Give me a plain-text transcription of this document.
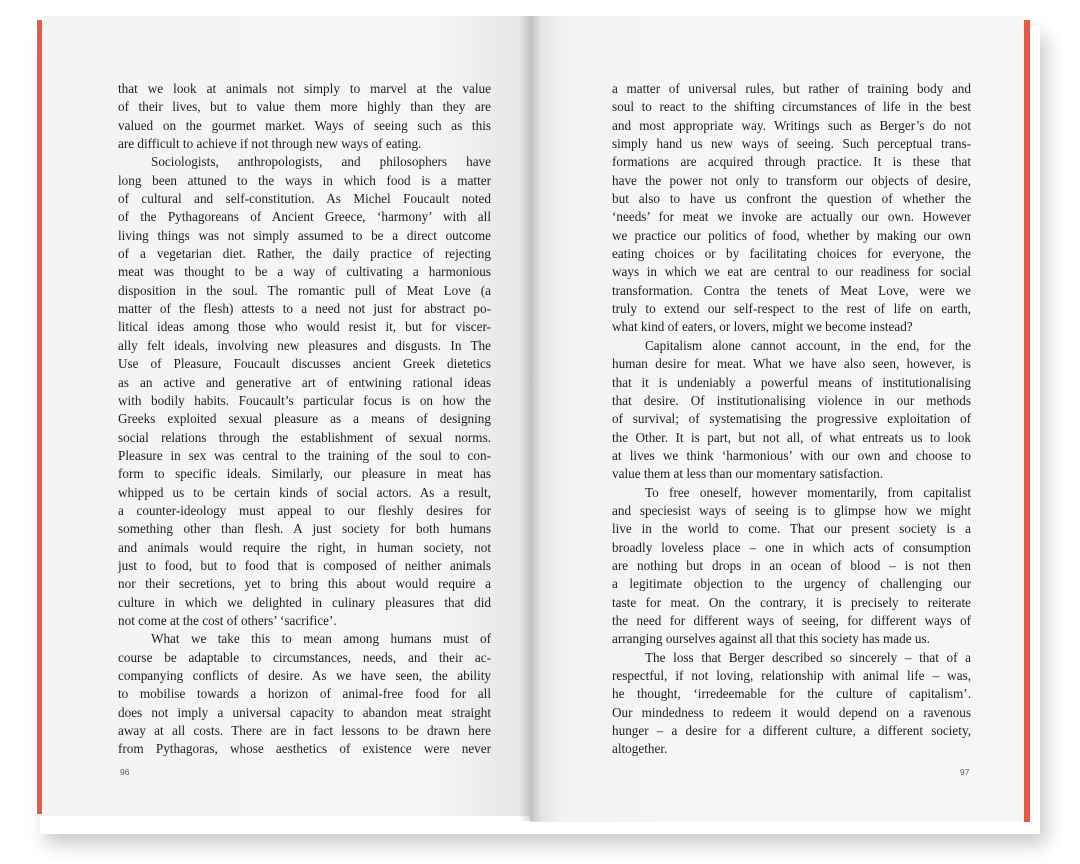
that we look at animals not simply to marvel at the value
of their lives, but to value them more highly than they are
valued on the gourmet market. Ways of seeing such as this
are difficult to achieve if not through new ways of eating.
Sociologists, anthropologists, and philosophers have
long been attuned to the ways in which food is a matter
of cultural and self-constitution. As Michel Foucault noted
of the Pythagoreans of Ancient Greece, ‘harmony’ with all
living things was not simply assumed to be a direct outcome
of a vegetarian diet. Rather, the daily practice of rejecting
meat was thought to be a way of cultivating a harmonious
disposition in the soul. The romantic pull of Meat Love (a
matter of the flesh) attests to a need not just for abstract po-
litical ideas among those who would resist it, but for viscer-
ally felt ideals, involving new pleasures and disgusts. In The
Use of Pleasure, Foucault discusses ancient Greek dietetics
as an active and generative art of entwining rational ideas
with bodily habits. Foucault’s particular focus is on how the
Greeks exploited sexual pleasure as a means of designing
social relations through the establishment of sexual norms.
Pleasure in sex was central to the training of the soul to con-
form to specific ideals. Similarly, our pleasure in meat has
whipped us to be certain kinds of social actors. As a result,
a counter-ideology must appeal to our fleshly desires for
something other than flesh. A just society for both humans
and animals would require the right, in human society, not
just to food, but to food that is composed of neither animals
nor their secretions, yet to bring this about would require a
culture in which we delighted in culinary pleasures that did
not come at the cost of others’ ‘sacrifice’.
What we take this to mean among humans must of
course be adaptable to circumstances, needs, and their ac-
companying conflicts of desire. As we have seen, the ability
to mobilise towards a horizon of animal-free food for all
does not imply a universal capacity to abandon meat straight
away at all costs. There are in fact lessons to be drawn here
from Pythagoras, whose aesthetics of existence were never
96
a matter of universal rules, but rather of training body and
soul to react to the shifting circumstances of life in the best
and most appropriate way. Writings such as Berger’s do not
simply hand us new ways of seeing. Such perceptual trans-
formations are acquired through practice. It is these that
have the power not only to transform our objects of desire,
but also to have us confront the question of whether the
‘needs’ for meat we invoke are actually our own. However
we practice our politics of food, whether by making our own
eating choices or by facilitating choices for everyone, the
ways in which we eat are central to our readiness for social
transformation. Contra the tenets of Meat Love, were we
truly to extend our self-respect to the rest of life on earth,
what kind of eaters, or lovers, might we become instead?
Capitalism alone cannot account, in the end, for the
human desire for meat. What we have also seen, however, is
that it is undeniably a powerful means of institutionalising
that desire. Of institutionalising violence in our methods
of survival; of systematising the progressive exploitation of
the Other. It is part, but not all, of what entreats us to look
at lives we think ‘harmonious’ with our own and choose to
value them at less than our momentary satisfaction.
To free oneself, however momentarily, from capitalist
and speciesist ways of seeing is to glimpse how we might
live in the world to come. That our present society is a
broadly loveless place – one in which acts of consumption
are nothing but drops in an ocean of blood – is not then
a legitimate objection to the urgency of challenging our
taste for meat. On the contrary, it is precisely to reiterate
the need for different ways of seeing, for different ways of
arranging ourselves against all that this society has made us.
The loss that Berger described so sincerely – that of a
respectful, if not loving, relationship with animal life – was,
he thought, ‘irredeemable for the culture of capitalism’.
Our mindedness to redeem it would depend on a ravenous
hunger – a desire for a different culture, a different society,
altogether.
97
